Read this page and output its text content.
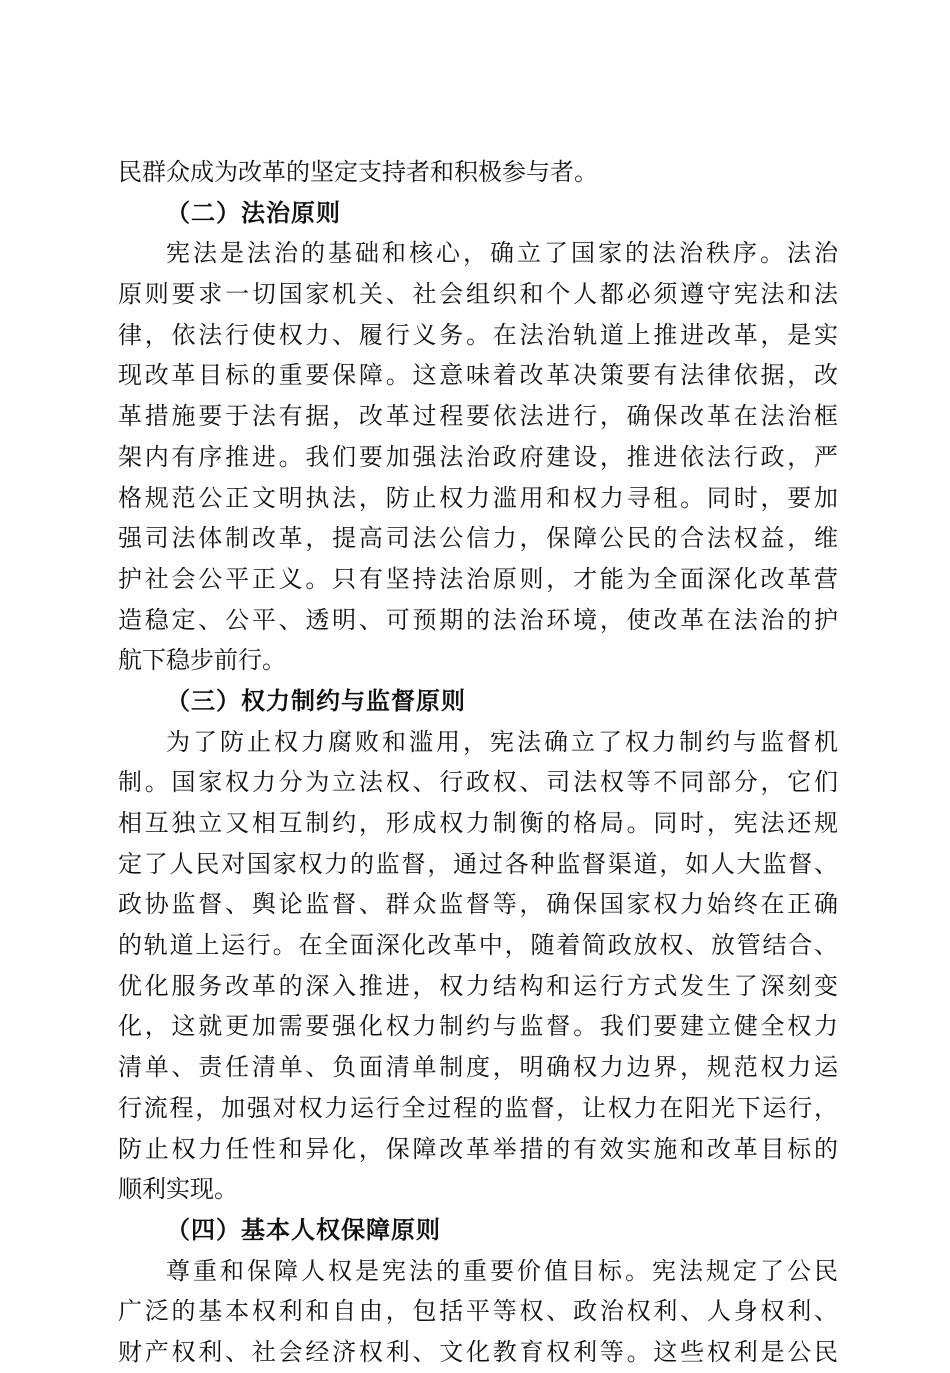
民群众成为改革的坚定支持者和积极参与者。
（二）法治原则
宪法是法治的基础和核心，确立了国家的法治秩序。法治
原则要求一切国家机关、社会组织和个人都必须遵守宪法和法
律，依法行使权力、履行义务。在法治轨道上推进改革，是实
现改革目标的重要保障。这意味着改革决策要有法律依据，改
革措施要于法有据，改革过程要依法进行，确保改革在法治框
架内有序推进。我们要加强法治政府建设，推进依法行政，严
格规范公正文明执法，防止权力滥用和权力寻租。同时，要加
强司法体制改革，提高司法公信力，保障公民的合法权益，维
护社会公平正义。只有坚持法治原则，才能为全面深化改革营
造稳定、公平、透明、可预期的法治环境，使改革在法治的护
航下稳步前行。
（三）权力制约与监督原则
为了防止权力腐败和滥用，宪法确立了权力制约与监督机
制。国家权力分为立法权、行政权、司法权等不同部分，它们
相互独立又相互制约，形成权力制衡的格局。同时，宪法还规
定了人民对国家权力的监督，通过各种监督渠道，如人大监督、
政协监督、舆论监督、群众监督等，确保国家权力始终在正确
的轨道上运行。在全面深化改革中，随着简政放权、放管结合、
优化服务改革的深入推进，权力结构和运行方式发生了深刻变
化，这就更加需要强化权力制约与监督。我们要建立健全权力
清单、责任清单、负面清单制度，明确权力边界，规范权力运
行流程，加强对权力运行全过程的监督，让权力在阳光下运行，
防止权力任性和异化，保障改革举措的有效实施和改革目标的
顺利实现。
（四）基本人权保障原则
尊重和保障人权是宪法的重要价值目标。宪法规定了公民
广泛的基本权利和自由，包括平等权、政治权利、人身权利、
财产权利、社会经济权利、文化教育权利等。这些权利是公民
